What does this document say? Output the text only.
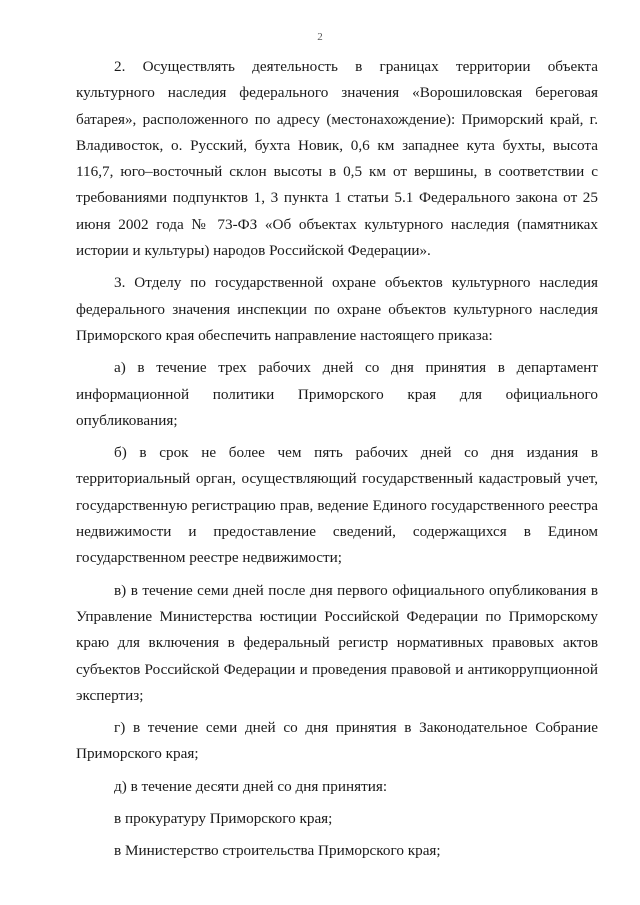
2

2. Осуществлять деятельность в границах территории объекта культурного наследия федерального значения «Ворошиловская береговая батарея», расположенного по адресу (местонахождение): Приморский край, г. Владивосток, о. Русский, бухта Новик, 0,6 км западнее кута бухты, высота 116,7, юго–восточный склон высоты в 0,5 км от вершины, в соответствии с требованиями подпунктов 1, 3 пункта 1 статьи 5.1 Федерального закона от 25 июня 2002 года № 73-ФЗ «Об объектах культурного наследия (памятниках истории и культуры) народов Российской Федерации».

3. Отделу по государственной охране объектов культурного наследия федерального значения инспекции по охране объектов культурного наследия Приморского края обеспечить направление настоящего приказа:

а) в течение трех рабочих дней со дня принятия в департамент информационной политики Приморского края для официального опубликования;

б) в срок не более чем пять рабочих дней со дня издания в территориальный орган, осуществляющий государственный кадастровый учет, государственную регистрацию прав, ведение Единого государственного реестра недвижимости и предоставление сведений, содержащихся в Едином государственном реестре недвижимости;

в) в течение семи дней после дня первого официального опубликования в Управление Министерства юстиции Российской Федерации по Приморскому краю для включения в федеральный регистр нормативных правовых актов субъектов Российской Федерации и проведения правовой и антикоррупционной экспертиз;

г) в течение семи дней со дня принятия в Законодательное Собрание Приморского края;

д) в течение десяти дней со дня принятия:

в прокуратуру Приморского края;

в Министерство строительства Приморского края;
